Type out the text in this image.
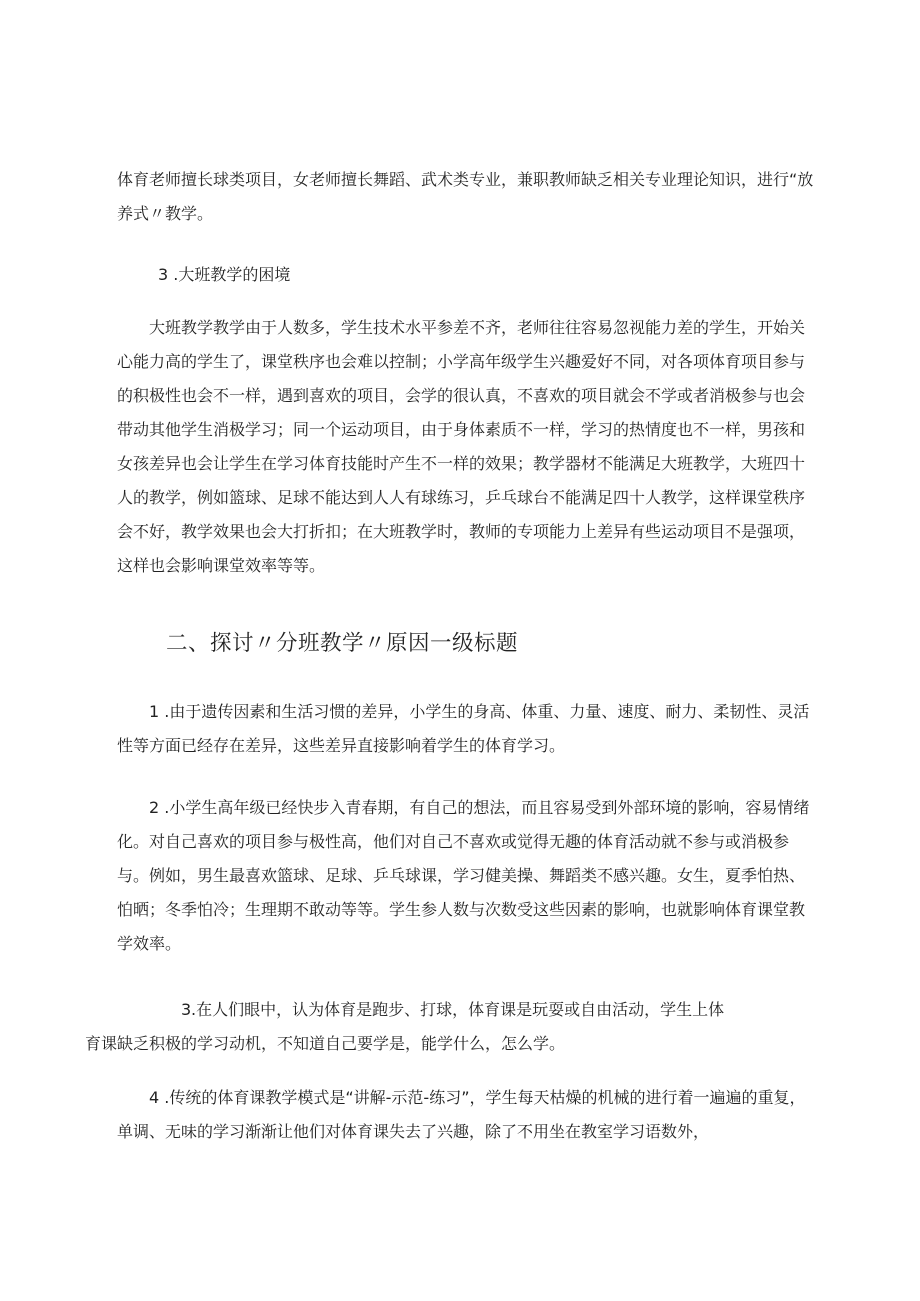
体育老师擅长球类项目，女老师擅长舞蹈、武术类专业，兼职教师缺乏相关专业理论知识，进行“放养式〃教学。

3 .大班教学的困境

大班教学教学由于人数多，学生技术水平参差不齐，老师往往容易忽视能力差的学生，开始关心能力高的学生了，课堂秩序也会难以控制；小学高年级学生兴趣爱好不同，对各项体育项目参与的积极性也会不一样，遇到喜欢的项目，会学的很认真，不喜欢的项目就会不学或者消极参与也会带动其他学生消极学习；同一个运动项目，由于身体素质不一样，学习的热情度也不一样，男孩和女孩差异也会让学生在学习体育技能时产生不一样的效果；教学器材不能满足大班教学，大班四十人的教学，例如篮球、足球不能达到人人有球练习，乒乓球台不能满足四十人教学，这样课堂秩序会不好，教学效果也会大打折扣；在大班教学时，教师的专项能力上差异有些运动项目不是强项，这样也会影响课堂效率等等。

二、探讨〃分班教学〃原因一级标题

1 .由于遗传因素和生活习惯的差异，小学生的身高、体重、力量、速度、耐力、柔韧性、灵活性等方面已经存在差异，这些差异直接影响着学生的体育学习。

2 .小学生高年级已经快步入青春期，有自己的想法，而且容易受到外部环境的影响，容易情绪化。对自己喜欢的项目参与极性高，他们对自己不喜欢或觉得无趣的体育活动就不参与或消极参与。例如，男生最喜欢篮球、足球、乒乓球课，学习健美操、舞蹈类不感兴趣。女生，夏季怕热、怕晒；冬季怕冷；生理期不敢动等等。学生参人数与次数受这些因素的影响，也就影响体育课堂教学效率。

3.在人们眼中，认为体育是跑步、打球，体育课是玩耍或自由活动，学生上体
育课缺乏积极的学习动机，不知道自己要学是，能学什么，怎么学。

4 .传统的体育课教学模式是“讲解-示范-练习”，学生每天枯燥的机械的进行着一遍遍的重复，单调、无味的学习渐渐让他们对体育课失去了兴趣，除了不用坐在教室学习语数外，
